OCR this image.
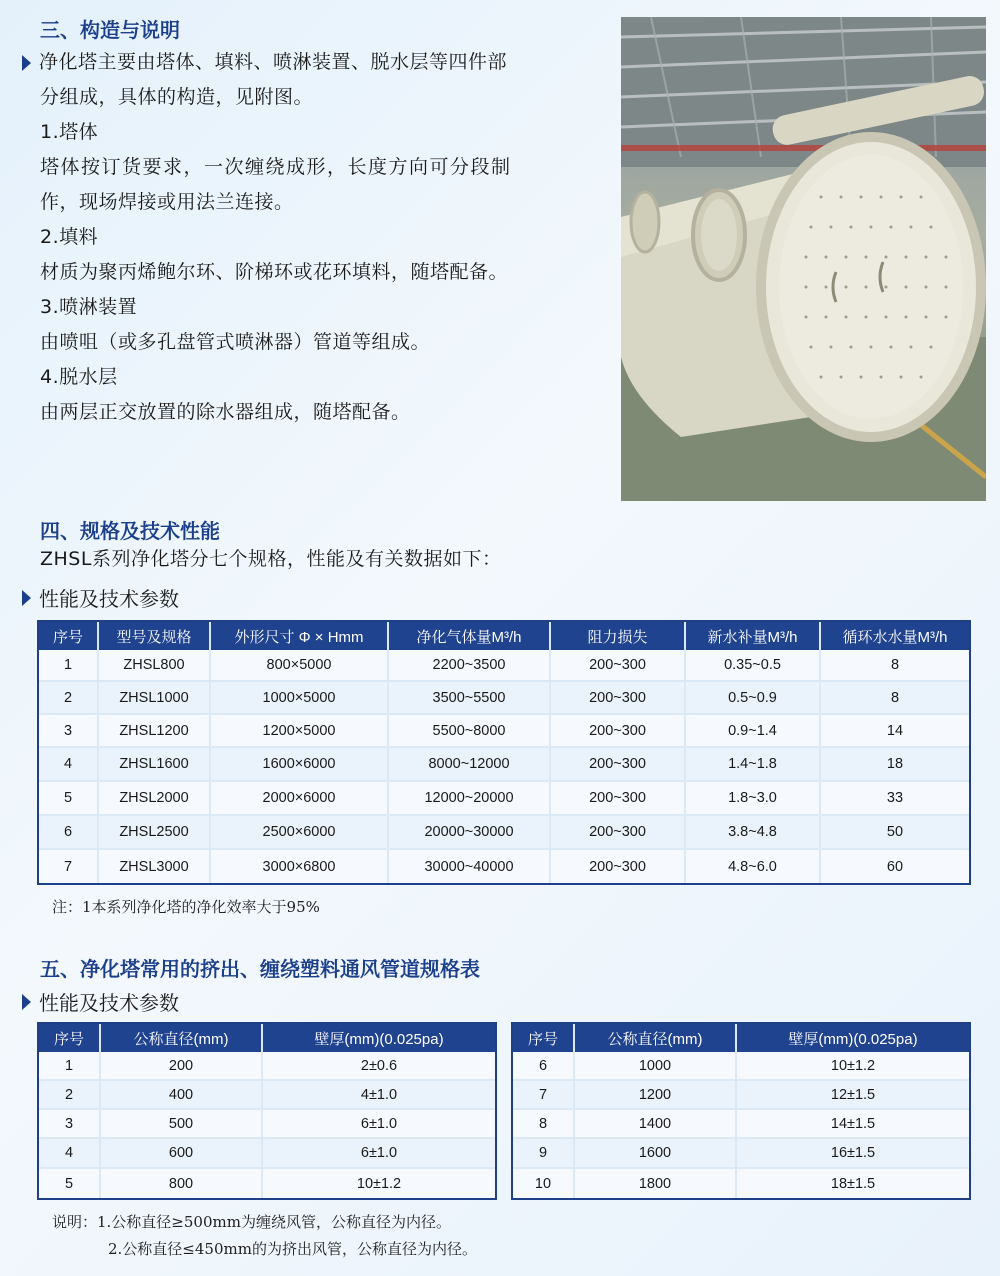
三、构造与说明
净化塔主要由塔体、填料、喷淋装置、脱水层等四件部
分组成，具体的构造，见附图。
1.塔体
塔体按订货要求，一次缠绕成形，长度方向可分段制
作，现场焊接或用法兰连接。
2.填料
材质为聚丙烯鲍尔环、阶梯环或花环填料，随塔配备。
3.喷淋装置
由喷咀（或多孔盘管式喷淋器）管道等组成。
4.脱水层
由两层正交放置的除水器组成，随塔配备。
四、规格及技术性能
ZHSL系列净化塔分七个规格，性能及有关数据如下：
性能及技术参数
序号	型号及规格	外形尺寸 Φ × Hmm	净化气体量M³/h	阻力损失	新水补量M³/h	循环水水量M³/h
1	ZHSL800	800×5000	2200~3500	200~300	0.35~0.5	8
2	ZHSL1000	1000×5000	3500~5500	200~300	0.5~0.9	8
3	ZHSL1200	1200×5000	5500~8000	200~300	0.9~1.4	14
4	ZHSL1600	1600×6000	8000~12000	200~300	1.4~1.8	18
5	ZHSL2000	2000×6000	12000~20000	200~300	1.8~3.0	33
6	ZHSL2500	2500×6000	20000~30000	200~300	3.8~4.8	50
7	ZHSL3000	3000×6800	30000~40000	200~300	4.8~6.0	60
注：1本系列净化塔的净化效率大于95%
五、净化塔常用的挤出、缠绕塑料通风管道规格表
性能及技术参数
序号	公称直径(mm)	壁厚(mm)(0.025pa)
1	200	2±0.6
2	400	4±1.0
3	500	6±1.0
4	600	6±1.0
5	800	10±1.2
序号	公称直径(mm)	壁厚(mm)(0.025pa)
6	1000	10±1.2
7	1200	12±1.5
8	1400	14±1.5
9	1600	16±1.5
10	1800	18±1.5
说明：1.公称直径≥500mm为缠绕风管，公称直径为内径。
2.公称直径≤450mm的为挤出风管，公称直径为内径。
